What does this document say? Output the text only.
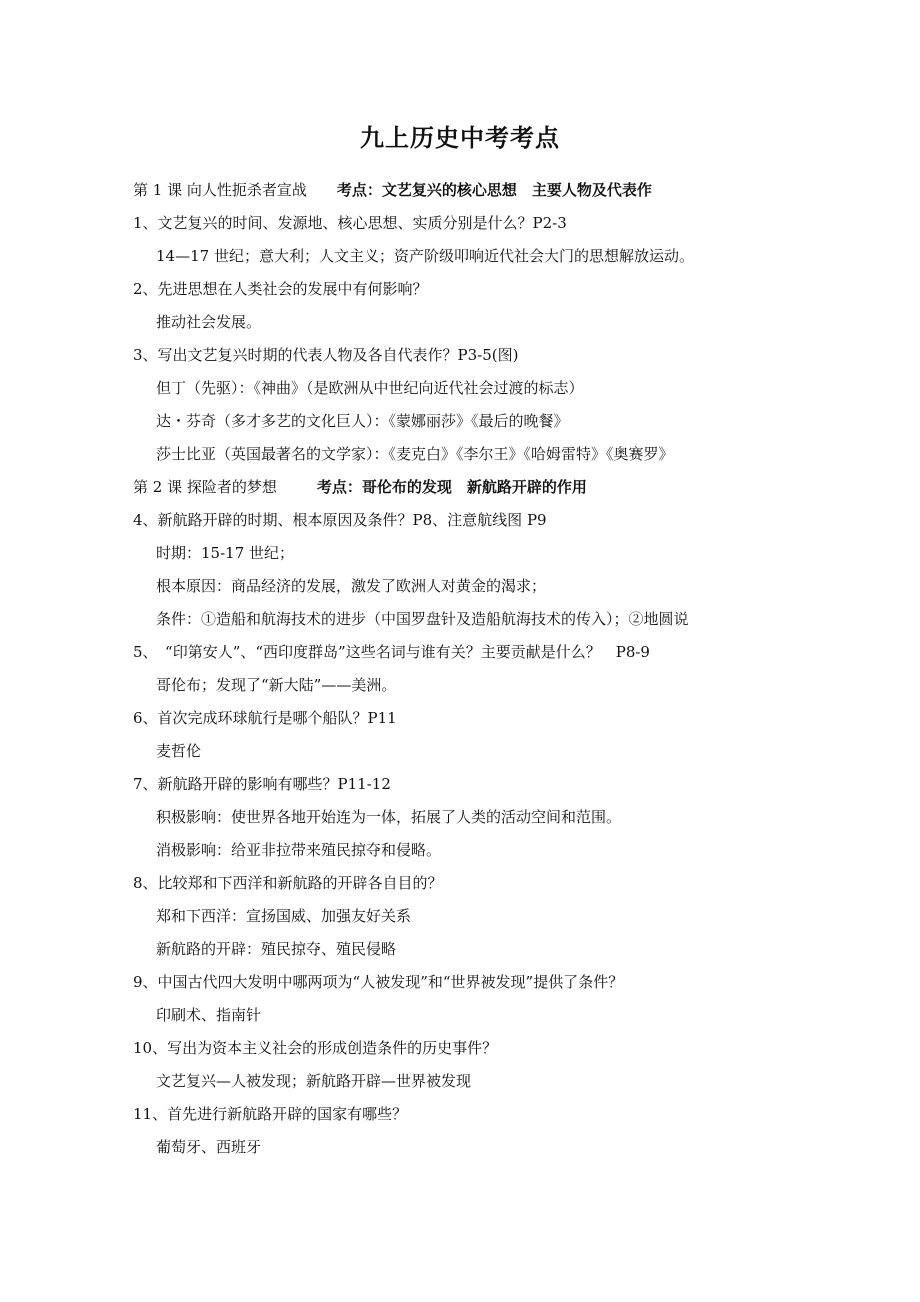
九上历史中考考点
第 1 课 向人性扼杀者宣战 考点：文艺复兴的核心思想　主要人物及代表作
1、文艺复兴的时间、发源地、核心思想、实质分别是什么？P2-3
14—17 世纪；意大利；人文主义；资产阶级叩响近代社会大门的思想解放运动。
2、先进思想在人类社会的发展中有何影响？
推动社会发展。
3、写出文艺复兴时期的代表人物及各自代表作？P3-5(图)
但丁（先驱）：《神曲》（是欧洲从中世纪向近代社会过渡的标志）
达・芬奇（多才多艺的文化巨人）：《蒙娜丽莎》《最后的晚餐》
莎士比亚（英国最著名的文学家）：《麦克白》《李尔王》《哈姆雷特》《奥赛罗》
第 2 课 探险者的梦想	考点：哥伦布的发现　新航路开辟的作用
4、新航路开辟的时期、根本原因及条件？P8、注意航线图 P9
时期：15-17 世纪；
根本原因：商品经济的发展，激发了欧洲人对黄金的渴求；
条件：①造船和航海技术的进步（中国罗盘针及造船航海技术的传入）；②地圆说
5、　“印第安人”、“西印度群岛”这些名词与谁有关？主要贡献是什么？　P8-9
哥伦布；发现了“新大陆”——美洲。
6、首次完成环球航行是哪个船队？P11
麦哲伦
7、新航路开辟的影响有哪些？P11-12
积极影响：使世界各地开始连为一体，拓展了人类的活动空间和范围。
消极影响：给亚非拉带来殖民掠夺和侵略。
8、比较郑和下西洋和新航路的开辟各自目的？
郑和下西洋：宣扬国威、加强友好关系
新航路的开辟：殖民掠夺、殖民侵略
9、中国古代四大发明中哪两项为“人被发现”和“世界被发现”提供了条件？
印刷术、指南针
10、写出为资本主义社会的形成创造条件的历史事件？
文艺复兴—人被发现；新航路开辟—世界被发现
11、首先进行新航路开辟的国家有哪些？
葡萄牙、西班牙
